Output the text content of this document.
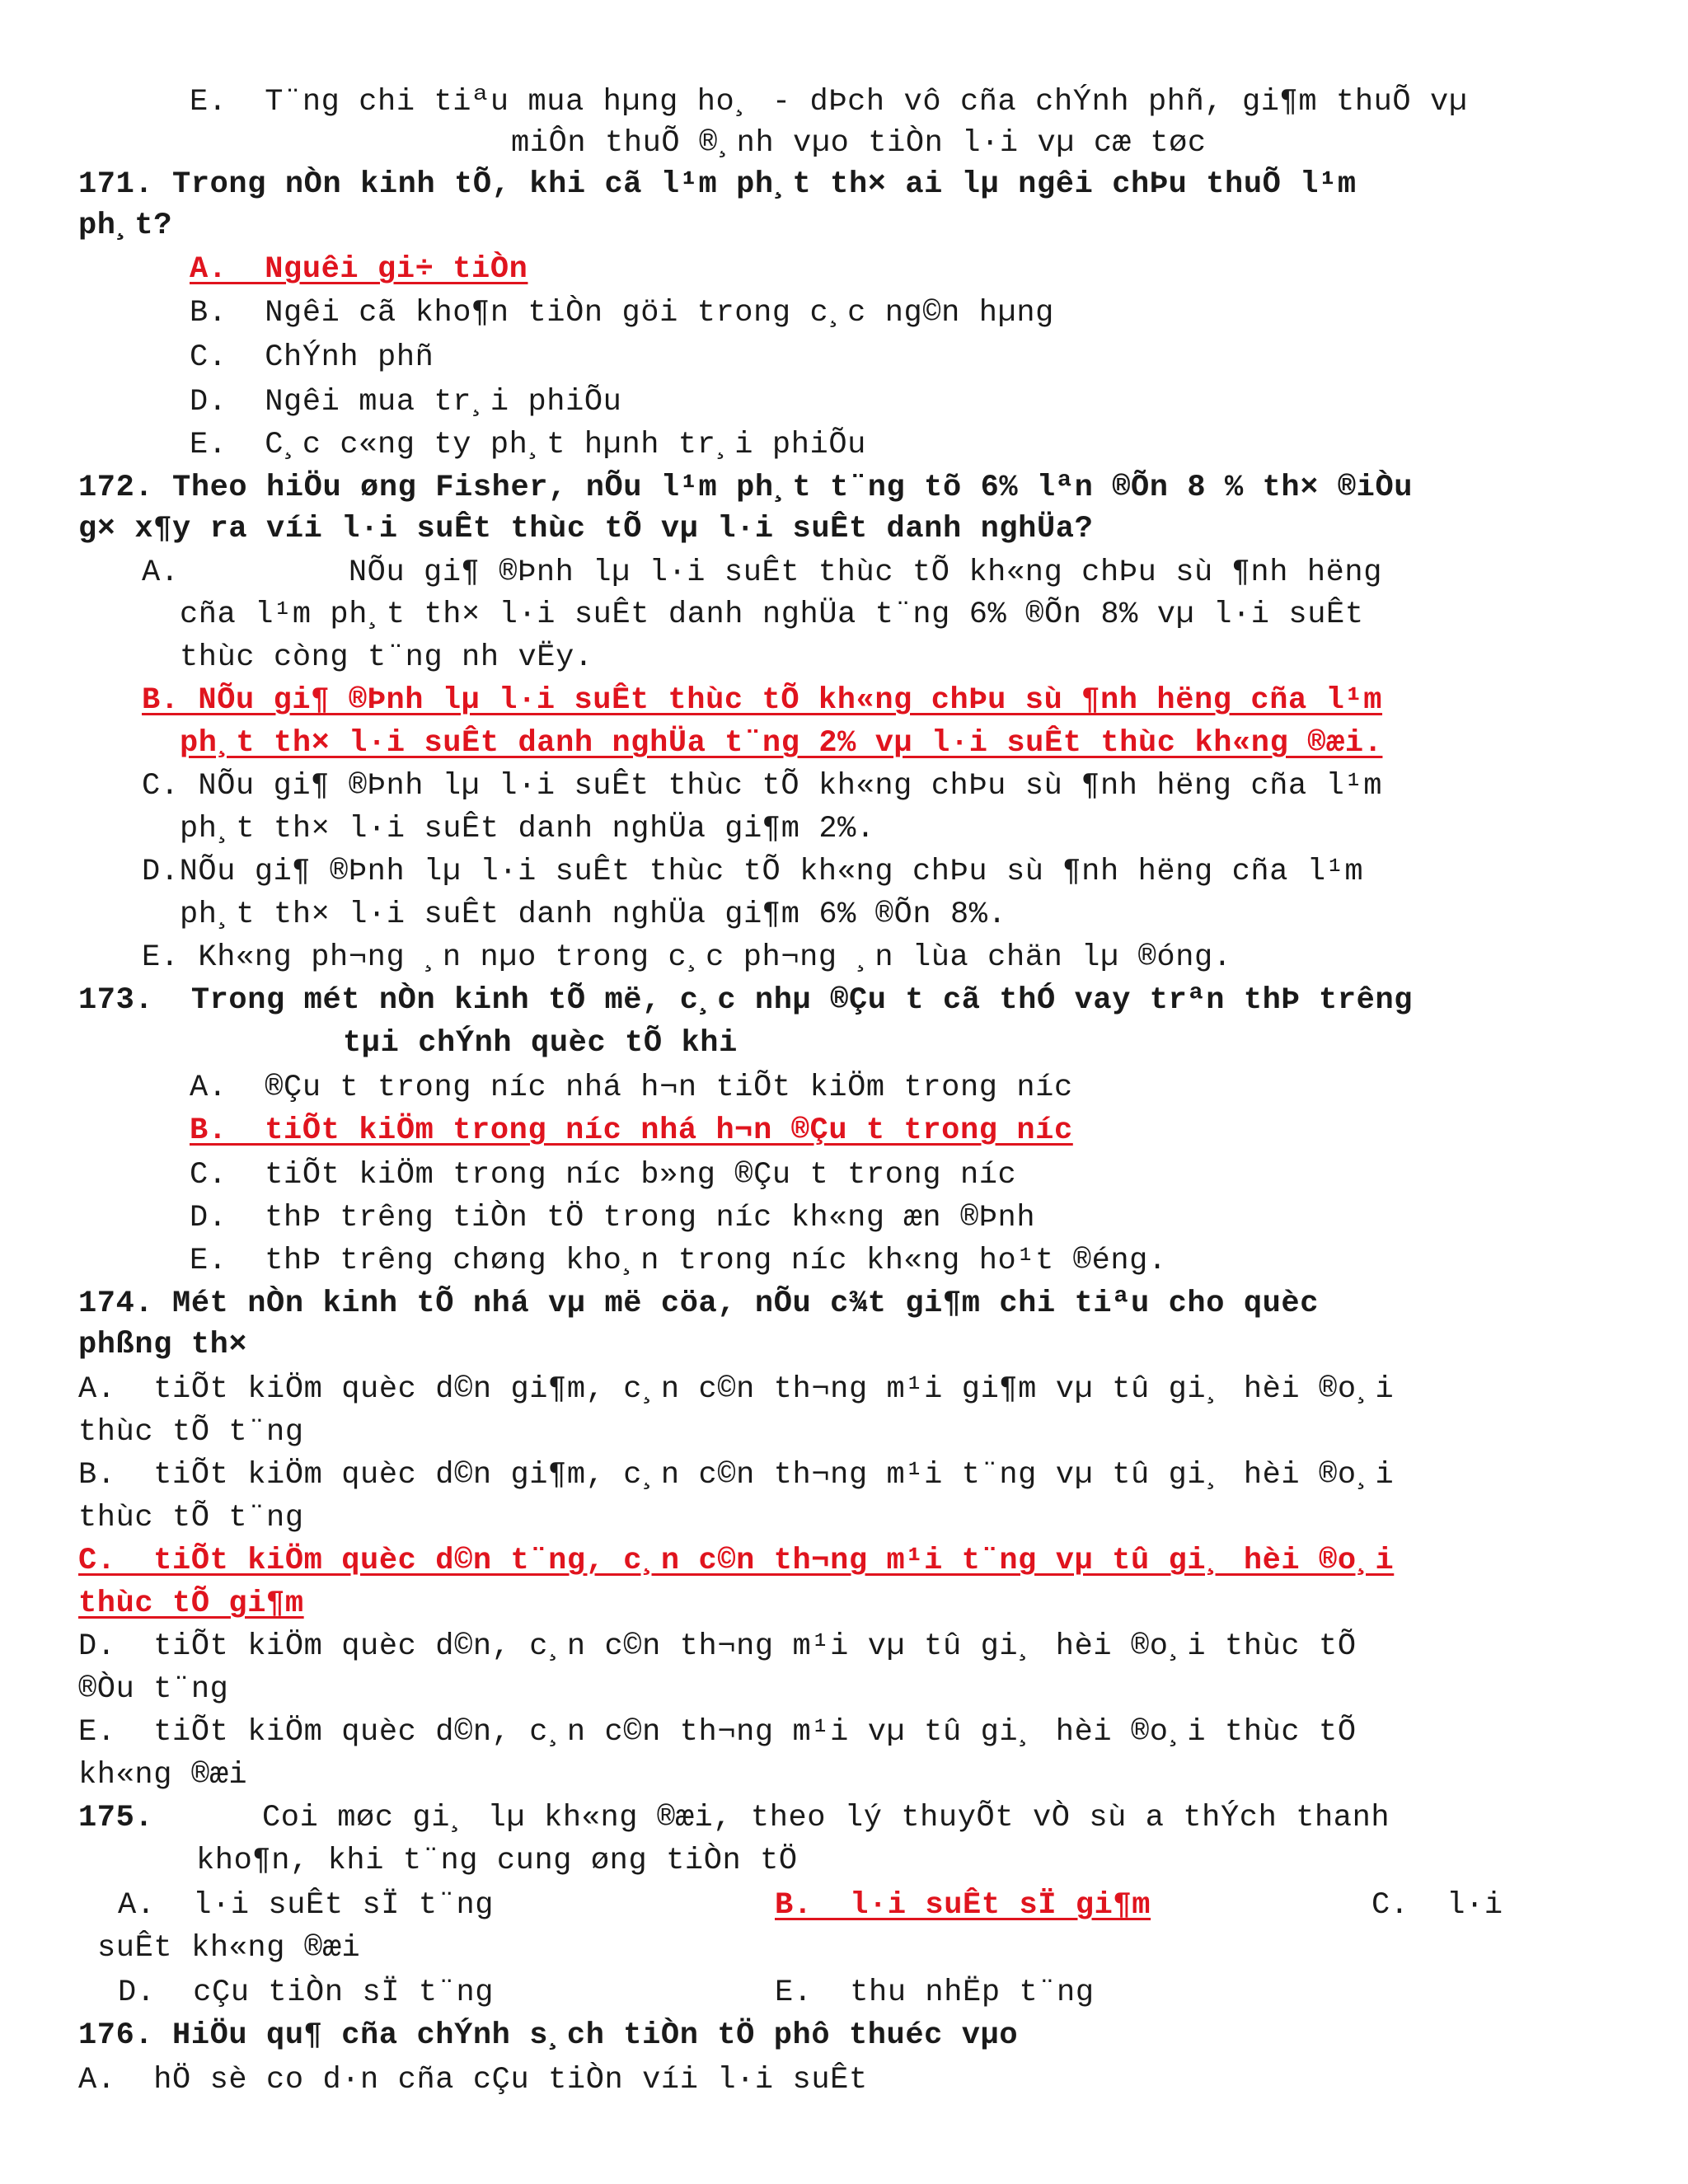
E.  T¨ng chi tiªu mua hµng ho¸ - dÞch vô cña chÝnh phñ, gi¶m thuÕ vµ
miÔn thuÕ ®¸nh vµo tiÒn l·i vµ cæ tøc
171. Trong nÒn kinh tÕ, khi cã l¹m ph¸t th× ai lµ ngêi chÞu thuÕ l¹m
ph¸t?
A.  Nguêi gi÷ tiÒn
B.  Ngêi cã kho¶n tiÒn göi trong c¸c ng©n hµng
C.  ChÝnh phñ
D.  Ngêi mua tr¸i phiÕu
E.  C¸c c«ng ty ph¸t hµnh tr¸i phiÕu
172. Theo hiÖu øng Fisher, nÕu l¹m ph¸t t¨ng tõ 6% lªn ®Õn 8 % th× ®iÒu
g× x¶y ra víi l·i suÊt thùc tÕ vµ l·i suÊt danh nghÜa?
A.         NÕu gi¶ ®Þnh lµ l·i suÊt thùc tÕ kh«ng chÞu sù ¶nh hëng
cña l¹m ph¸t th× l·i suÊt danh nghÜa t¨ng 6% ®Õn 8% vµ l·i suÊt
thùc còng t¨ng nh vËy.
B. NÕu gi¶ ®Þnh lµ l·i suÊt thùc tÕ kh«ng chÞu sù ¶nh hëng cña l¹m
ph¸t th× l·i suÊt danh nghÜa t¨ng 2% vµ l·i suÊt thùc kh«ng ®æi.
C. NÕu gi¶ ®Þnh lµ l·i suÊt thùc tÕ kh«ng chÞu sù ¶nh hëng cña l¹m
ph¸t th× l·i suÊt danh nghÜa gi¶m 2%.
D.NÕu gi¶ ®Þnh lµ l·i suÊt thùc tÕ kh«ng chÞu sù ¶nh hëng cña l¹m
ph¸t th× l·i suÊt danh nghÜa gi¶m 6% ®Õn 8%.
E. Kh«ng ph¬ng ¸n nµo trong c¸c ph¬ng ¸n lùa chän lµ ®óng.
173.  Trong mét nÒn kinh tÕ më, c¸c nhµ ®Çu t cã thÓ vay trªn thÞ trêng
tµi chÝnh quèc tÕ khi
A.  ®Çu t trong níc nhá h¬n tiÕt kiÖm trong níc
B.  tiÕt kiÖm trong níc nhá h¬n ®Çu t trong níc
C.  tiÕt kiÖm trong níc b»ng ®Çu t trong níc
D.  thÞ trêng tiÒn tÖ trong níc kh«ng æn ®Þnh
E.  thÞ trêng chøng kho¸n trong níc kh«ng ho¹t ®éng.
174. Mét nÒn kinh tÕ nhá vµ më cöa, nÕu c¾t gi¶m chi tiªu cho quèc
phßng th×
A.  tiÕt kiÖm quèc d©n gi¶m, c¸n c©n th¬ng m¹i gi¶m vµ tû gi¸ hèi ®o¸i
thùc tÕ t¨ng
B.  tiÕt kiÖm quèc d©n gi¶m, c¸n c©n th¬ng m¹i t¨ng vµ tû gi¸ hèi ®o¸i
thùc tÕ t¨ng
C.  tiÕt kiÖm quèc d©n t¨ng, c¸n c©n th¬ng m¹i t¨ng vµ tû gi¸ hèi ®o¸i
thùc tÕ gi¶m
D.  tiÕt kiÖm quèc d©n, c¸n c©n th¬ng m¹i vµ tû gi¸ hèi ®o¸i thùc tÕ
®Òu t¨ng
E.  tiÕt kiÖm quèc d©n, c¸n c©n th¬ng m¹i vµ tû gi¸ hèi ®o¸i thùc tÕ
kh«ng ®æi
175.	Coi møc gi¸ lµ kh«ng ®æi, theo lý thuyÕt vÒ sù a thÝch thanh
kho¶n, khi t¨ng cung øng tiÒn tÖ
A.  l·i suÊt sÏ t¨ng	B.  l·i suÊt sÏ gi¶m	C.  l·i
suÊt kh«ng ®æi
D.  cÇu tiÒn sÏ t¨ng	E.  thu nhËp t¨ng
176. HiÖu qu¶ cña chÝnh s¸ch tiÒn tÖ phô thuéc vµo
A.  hÖ sè co d·n cña cÇu tiÒn víi l·i suÊt
